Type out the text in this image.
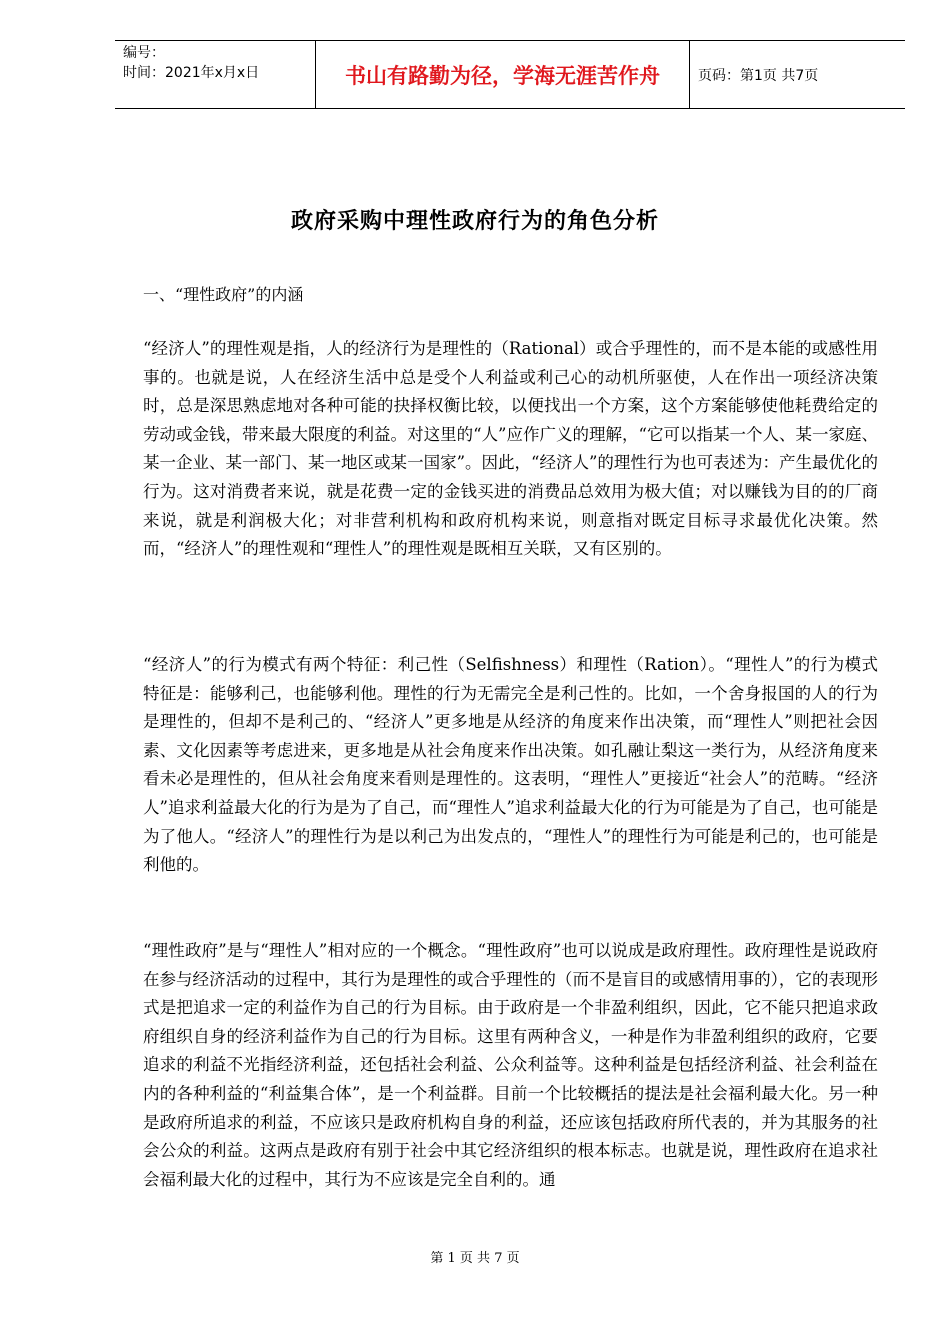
编号：
时间：2021年x月x日	书山有路勤为径，学海无涯苦作舟	页码：第1页 共7页
政府采购中理性政府行为的角色分析
一、“理性政府”的内涵

“经济人”的理性观是指，人的经济行为是理性的（Rational）或合乎理性的，而不是本能的或感性用事的。也就是说，人在经济生活中总是受个人利益或利己心的动机所驱使，人在作出一项经济决策时，总是深思熟虑地对各种可能的抉择权衡比较，以便找出一个方案，这个方案能够使他耗费给定的劳动或金钱，带来最大限度的利益。对这里的“人”应作广义的理解，“它可以指某一个人、某一家庭、某一企业、某一部门、某一地区或某一国家”。因此，“经济人”的理性行为也可表述为：产生最优化的行为。这对消费者来说，就是花费一定的金钱买进的消费品总效用为极大值；对以赚钱为目的的厂商来说，就是利润极大化；对非营利机构和政府机构来说，则意指对既定目标寻求最优化决策。然而，“经济人”的理性观和“理性人”的理性观是既相互关联，又有区别的。

“经济人”的行为模式有两个特征：利己性（Selfishness）和理性（Ration）。“理性人”的行为模式特征是：能够利己，也能够利他。理性的行为无需完全是利己性的。比如，一个舍身报国的人的行为是理性的，但却不是利己的、“经济人”更多地是从经济的角度来作出决策，而“理性人”则把社会因素、文化因素等考虑进来，更多地是从社会角度来作出决策。如孔融让梨这一类行为，从经济角度来看未必是理性的，但从社会角度来看则是理性的。这表明，“理性人”更接近“社会人”的范畴。“经济人”追求利益最大化的行为是为了自己，而“理性人”追求利益最大化的行为可能是为了自己，也可能是为了他人。“经济人”的理性行为是以利己为出发点的，“理性人”的理性行为可能是利己的，也可能是利他的。

“理性政府”是与“理性人”相对应的一个概念。“理性政府”也可以说成是政府理性。政府理性是说政府在参与经济活动的过程中，其行为是理性的或合乎理性的（而不是盲目的或感情用事的），它的表现形式是把追求一定的利益作为自己的行为目标。由于政府是一个非盈利组织，因此，它不能只把追求政府组织自身的经济利益作为自己的行为目标。这里有两种含义，一种是作为非盈利组织的政府，它要追求的利益不光指经济利益，还包括社会利益、公众利益等。这种利益是包括经济利益、社会利益在内的各种利益的“利益集合体”，是一个利益群。目前一个比较概括的提法是社会福利最大化。另一种是政府所追求的利益，不应该只是政府机构自身的利益，还应该包括政府所代表的，并为其服务的社会公众的利益。这两点是政府有别于社会中其它经济组织的根本标志。也就是说，理性政府在追求社会福利最大化的过程中，其行为不应该是完全自利的。通

第 1 页 共 7 页
